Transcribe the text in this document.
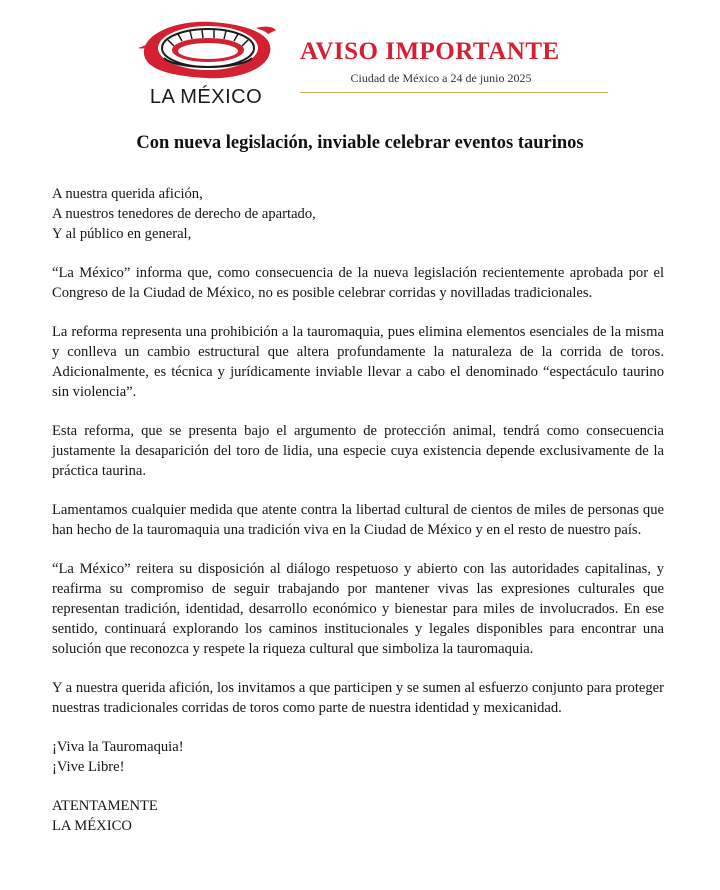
LA MÉXICO
AVISO IMPORTANTE
Ciudad de México a 24 de junio 2025
Con nueva legislación, inviable celebrar eventos taurinos

A nuestra querida afición,

A nuestros tenedores de derecho de apartado,

Y al público en general,

“La México” informa que, como consecuencia de la nueva legislación recientemente aprobada por el Congreso de la Ciudad de México, no es posible celebrar corridas y novilladas tradicionales.

La reforma representa una prohibición a la tauromaquia, pues elimina elementos esenciales de la misma y conlleva un cambio estructural que altera profundamente la naturaleza de la corrida de toros. Adicionalmente, es técnica y jurídicamente inviable llevar a cabo el denominado “espectáculo taurino sin violencia”.

Esta reforma, que se presenta bajo el argumento de protección animal, tendrá como consecuencia justamente la desaparición del toro de lidia, una especie cuya existencia depende exclusivamente de la práctica taurina.

Lamentamos cualquier medida que atente contra la libertad cultural de cientos de miles de personas que han hecho de la tauromaquia una tradición viva en la Ciudad de México y en el resto de nuestro país.

“La México” reitera su disposición al diálogo respetuoso y abierto con las autoridades capitalinas, y reafirma su compromiso de seguir trabajando por mantener vivas las expresiones culturales que representan tradición, identidad, desarrollo económico y bienestar para miles de involucrados. En ese sentido, continuará explorando los caminos institucionales y legales disponibles para encontrar una solución que reconozca y respete la riqueza cultural que simboliza la tauromaquia.

Y a nuestra querida afición, los invitamos a que participen y se sumen al esfuerzo conjunto para proteger nuestras tradicionales corridas de toros como parte de nuestra identidad y mexicanidad.

¡Viva la Tauromaquia!

¡Vive Libre!

ATENTAMENTE

LA MÉXICO
